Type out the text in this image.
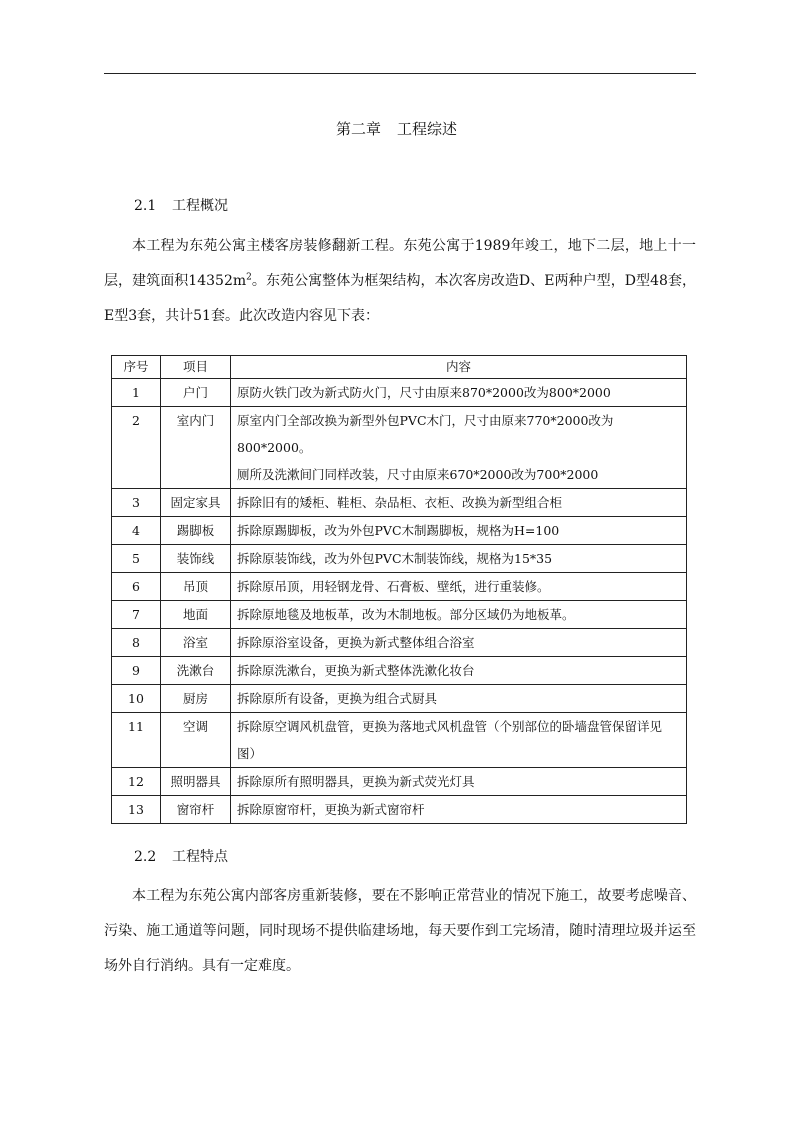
第二章 工程综述
2.1 工程概况

本工程为东苑公寓主楼客房装修翻新工程。东苑公寓于1989年竣工，地下二层，地上十一层，建筑面积$14352m^2$。东苑公寓整体为框架结构，本次客房改造D、E两种户型，D型48套，E型3套，共计51套。此次改造内容见下表：

序号	项目	内容
1	户门	原防火铁门改为新式防火门，尺寸由原来870*2000改为800*2000

2	室内门	原室内门全部改换为新型外包PVC木门，尺寸由原来770*2000改为800*2000。
厕所及洗漱间门同样改装，尺寸由原来670*2000改为700*2000

3	固定家具	拆除旧有的矮柜、鞋柜、杂品柜、衣柜、改换为新型组合柜

4	踢脚板	拆除原踢脚板，改为外包PVC木制踢脚板，规格为H=100

5	装饰线	拆除原装饰线，改为外包PVC木制装饰线，规格为15*35

6	吊顶	拆除原吊顶，用轻钢龙骨、石膏板、壁纸，进行重装修。

7	地面	拆除原地毯及地板革，改为木制地板。部分区域仍为地板革。

8	浴室	拆除原浴室设备，更换为新式整体组合浴室

9	洗漱台	拆除原洗漱台，更换为新式整体洗漱化妆台

10	厨房	拆除原所有设备，更换为组合式厨具

11	空调	拆除原空调风机盘管，更换为落地式风机盘管（个别部位的卧墙盘管保留详见图）

12	照明器具	拆除原所有照明器具，更换为新式荧光灯具

13	窗帘杆	拆除原窗帘杆，更换为新式窗帘杆
2.2 工程特点

本工程为东苑公寓内部客房重新装修，要在不影响正常营业的情况下施工，故要考虑噪音、污染、施工通道等问题，同时现场不提供临建场地，每天要作到工完场清，随时清理垃圾并运至场外自行消纳。具有一定难度。
